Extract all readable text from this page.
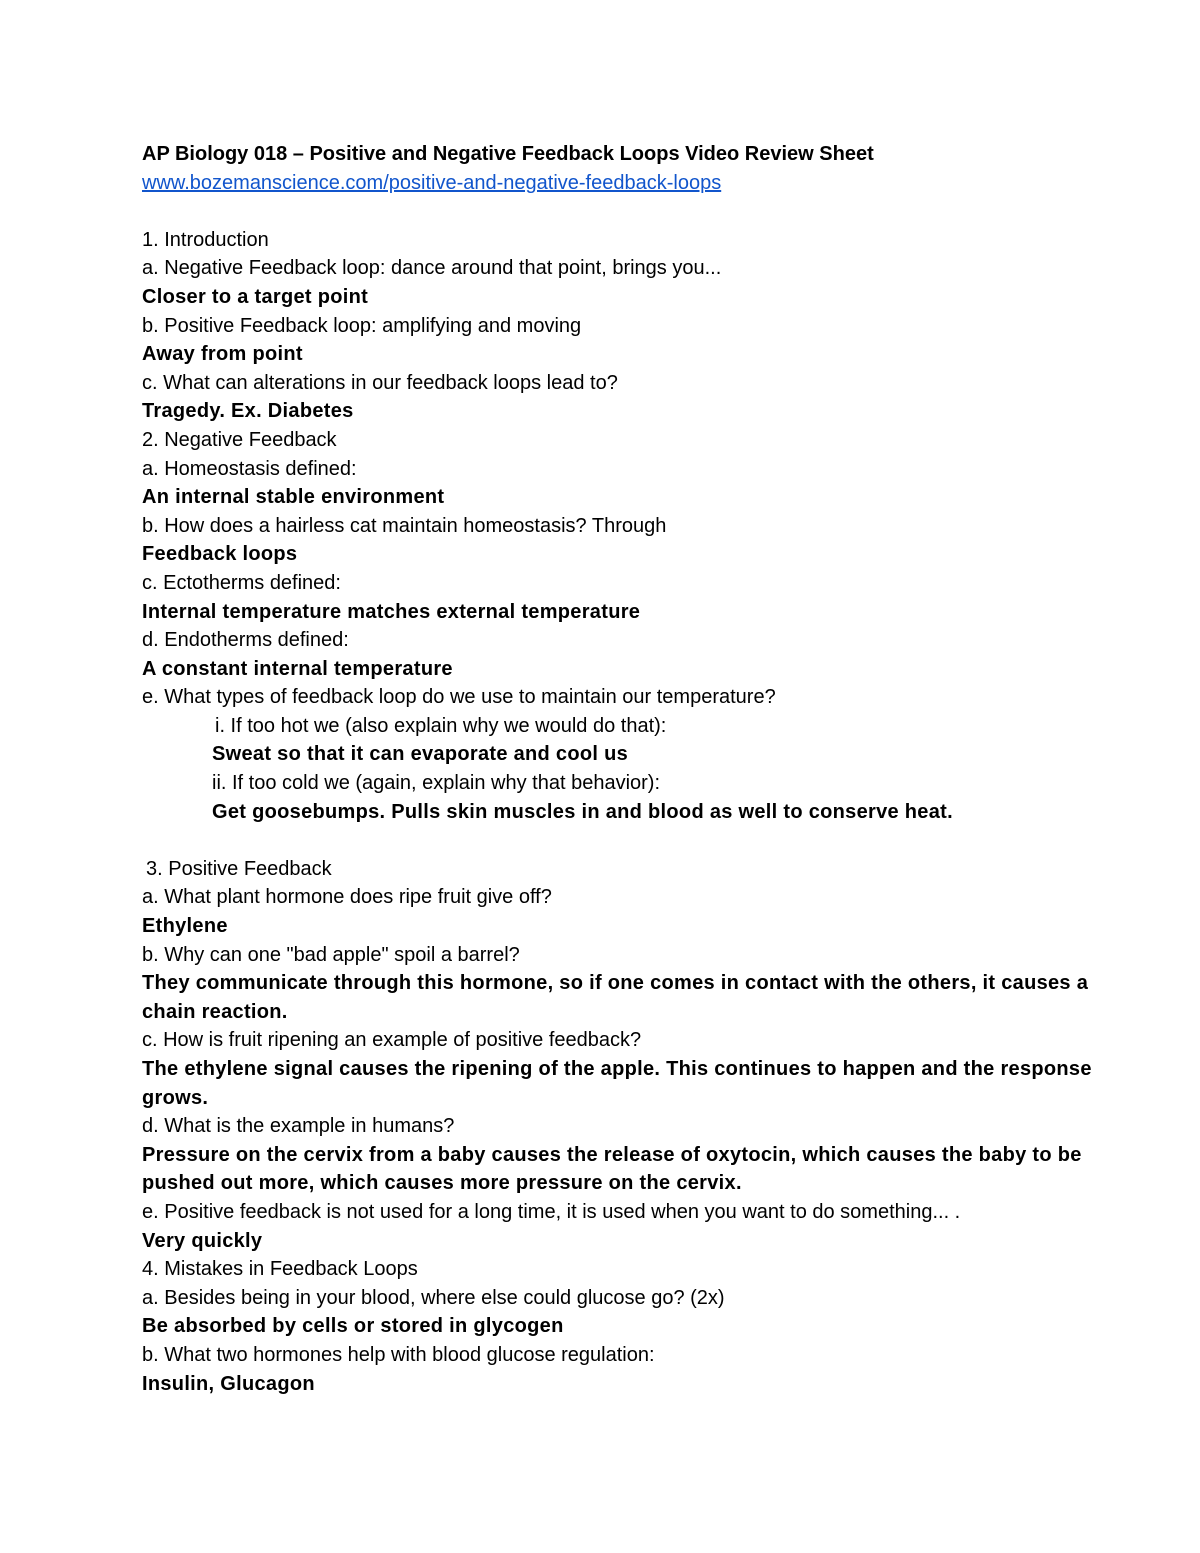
AP Biology 018 – Positive and Negative Feedback Loops Video Review Sheet

www.bozemanscience.com/positive-and-negative-feedback-loops

1. Introduction

a. Negative Feedback loop: dance around that point, brings you...

Closer to a target point

b. Positive Feedback loop: amplifying and moving

Away from point

c. What can alterations in our feedback loops lead to?

Tragedy. Ex. Diabetes

2. Negative Feedback

a. Homeostasis defined:

An internal stable environment

b. How does a hairless cat maintain homeostasis? Through

Feedback loops

c. Ectotherms defined:

Internal temperature matches external temperature

d. Endotherms defined:

A constant internal temperature

e. What types of feedback loop do we use to maintain our temperature?

i. If too hot we (also explain why we would do that):

Sweat so that it can evaporate and cool us

ii. If too cold we (again, explain why that behavior):

Get goosebumps. Pulls skin muscles in and blood as well to conserve heat.

3. Positive Feedback

a. What plant hormone does ripe fruit give off?

Ethylene

b. Why can one "bad apple" spoil a barrel?

They communicate through this hormone, so if one comes in contact with the others, it causes a chain reaction.

c. How is fruit ripening an example of positive feedback?

The ethylene signal causes the ripening of the apple. This continues to happen and the response grows.

d. What is the example in humans?

Pressure on the cervix from a baby causes the release of oxytocin, which causes the baby to be pushed out more, which causes more pressure on the cervix.

e. Positive feedback is not used for a long time, it is used when you want to do something... .

Very quickly

4. Mistakes in Feedback Loops

a. Besides being in your blood, where else could glucose go? (2x)

Be absorbed by cells or stored in glycogen

b. What two hormones help with blood glucose regulation:

Insulin, Glucagon
